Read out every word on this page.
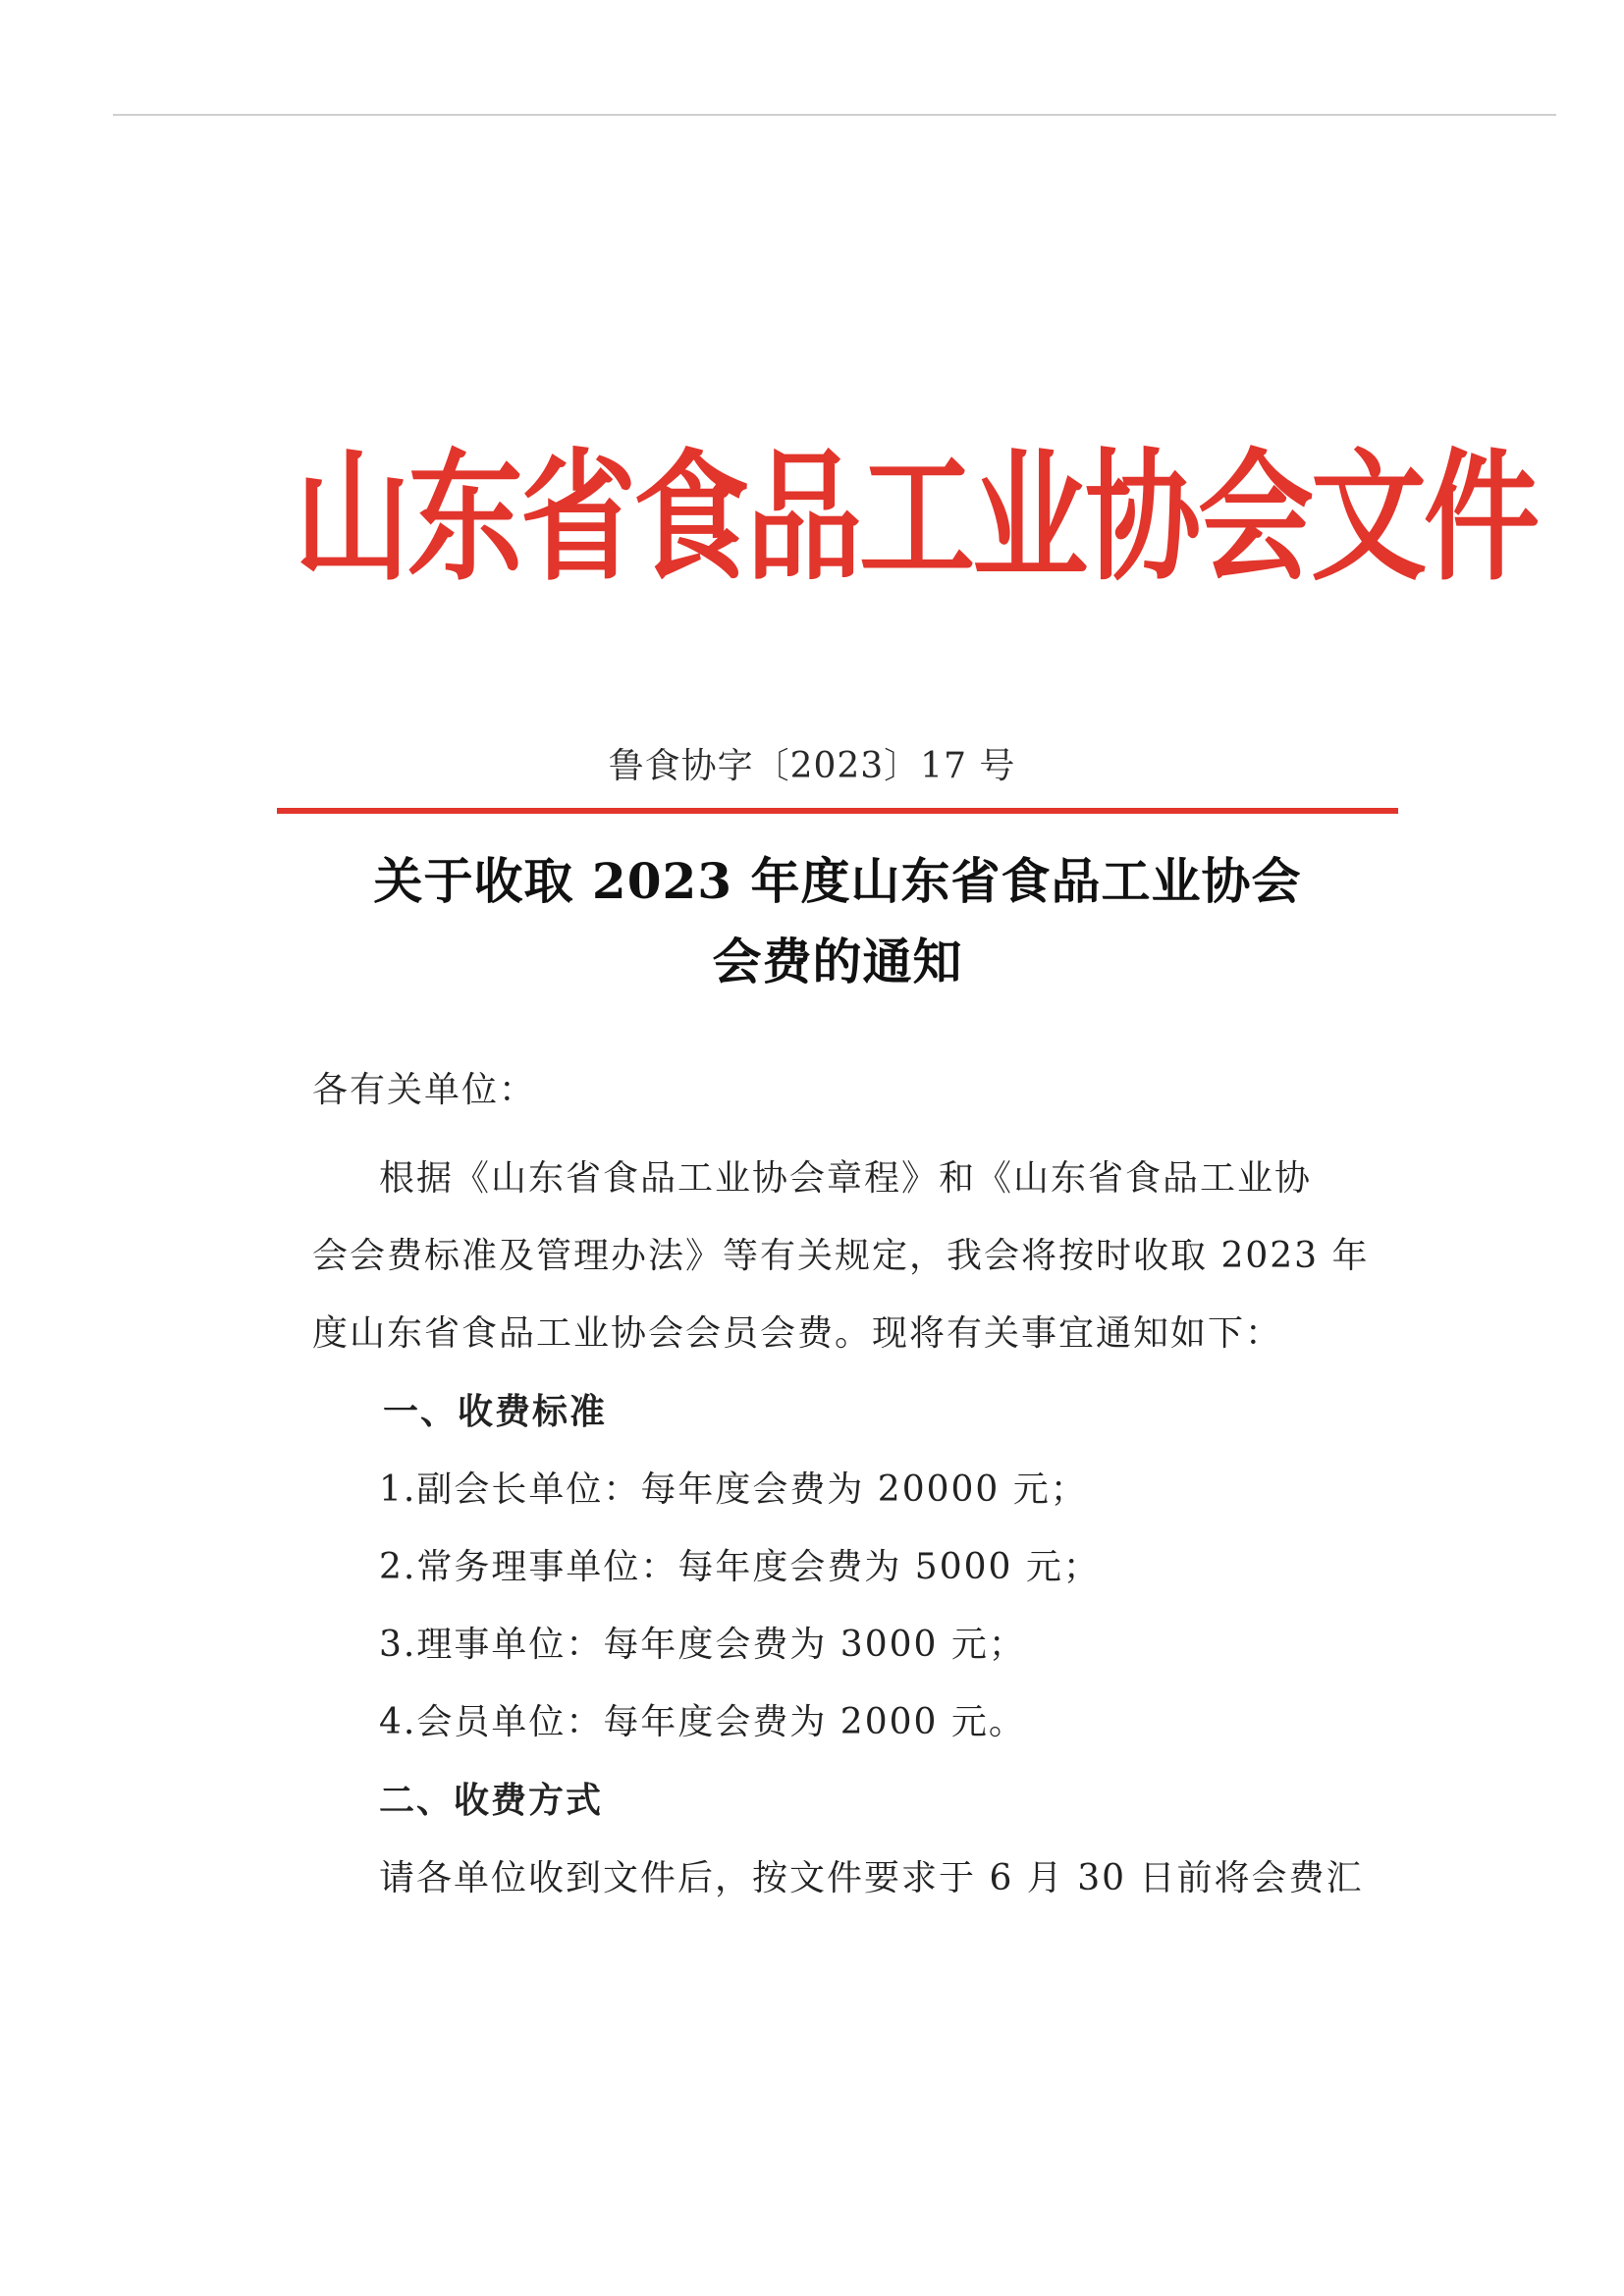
山东省食品工业协会文件
鲁食协字〔2023〕17 号
关于收取 2023 年度山东省食品工业协会
会费的通知
各有关单位：
根据《山东省食品工业协会章程》和《山东省食品工业协
会会费标准及管理办法》等有关规定，我会将按时收取 2023 年
度山东省食品工业协会会员会费。现将有关事宜通知如下：
一、收费标准
1.副会长单位：每年度会费为 20000 元；
2.常务理事单位：每年度会费为 5000 元；
3.理事单位：每年度会费为 3000 元；
4.会员单位：每年度会费为 2000 元。
二、收费方式
请各单位收到文件后，按文件要求于 6 月 30 日前将会费汇
